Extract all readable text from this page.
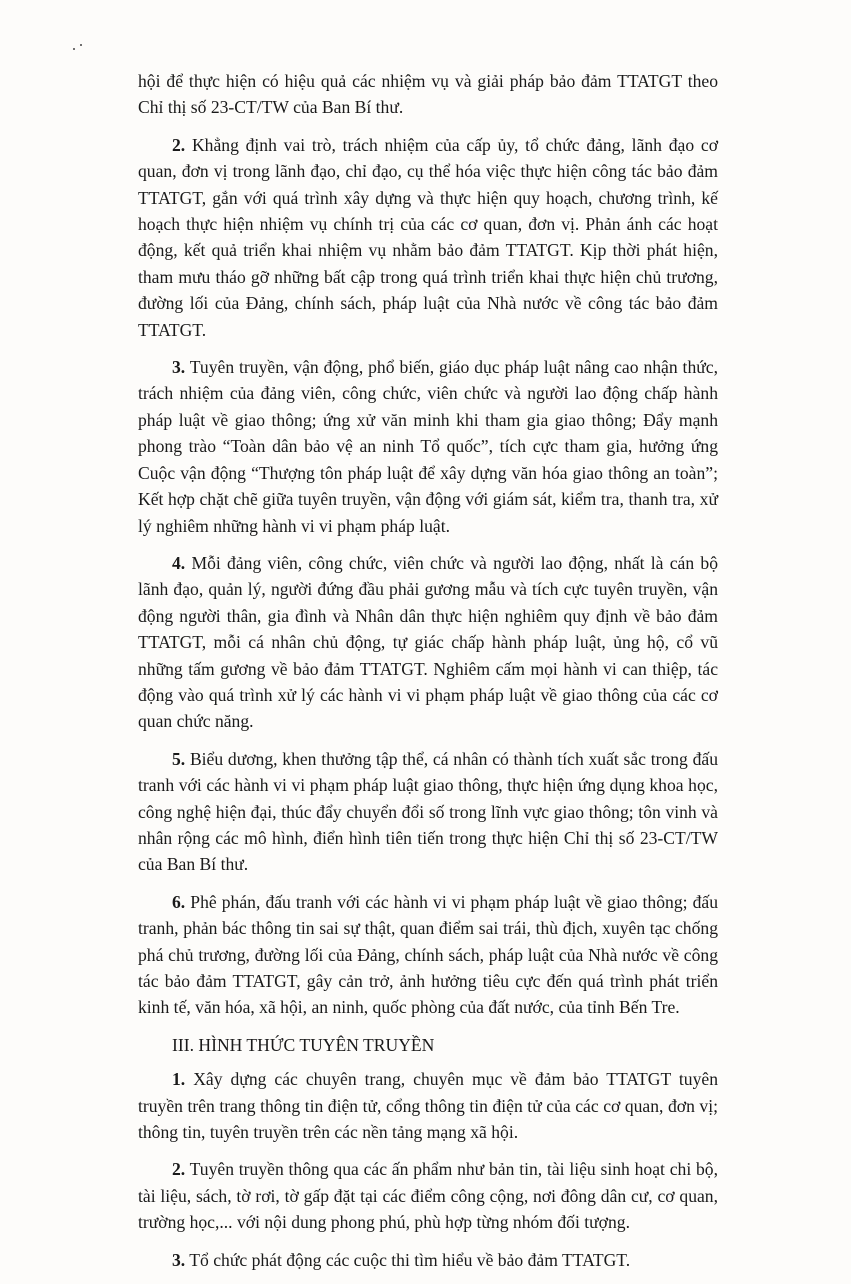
hội để thực hiện có hiệu quả các nhiệm vụ và giải pháp bảo đảm TTATGT theo Chỉ thị số 23-CT/TW của Ban Bí thư.

2. Khẳng định vai trò, trách nhiệm của cấp ủy, tổ chức đảng, lãnh đạo cơ quan, đơn vị trong lãnh đạo, chỉ đạo, cụ thể hóa việc thực hiện công tác bảo đảm TTATGT, gắn với quá trình xây dựng và thực hiện quy hoạch, chương trình, kế hoạch thực hiện nhiệm vụ chính trị của các cơ quan, đơn vị. Phản ánh các hoạt động, kết quả triển khai nhiệm vụ nhằm bảo đảm TTATGT. Kịp thời phát hiện, tham mưu tháo gỡ những bất cập trong quá trình triển khai thực hiện chủ trương, đường lối của Đảng, chính sách, pháp luật của Nhà nước về công tác bảo đảm TTATGT.

3. Tuyên truyền, vận động, phổ biến, giáo dục pháp luật nâng cao nhận thức, trách nhiệm của đảng viên, công chức, viên chức và người lao động chấp hành pháp luật về giao thông; ứng xử văn minh khi tham gia giao thông; Đẩy mạnh phong trào “Toàn dân bảo vệ an ninh Tổ quốc”, tích cực tham gia, hưởng ứng Cuộc vận động “Thượng tôn pháp luật để xây dựng văn hóa giao thông an toàn”; Kết hợp chặt chẽ giữa tuyên truyền, vận động với giám sát, kiểm tra, thanh tra, xử lý nghiêm những hành vi vi phạm pháp luật.

4. Mỗi đảng viên, công chức, viên chức và người lao động, nhất là cán bộ lãnh đạo, quản lý, người đứng đầu phải gương mẫu và tích cực tuyên truyền, vận động người thân, gia đình và Nhân dân thực hiện nghiêm quy định về bảo đảm TTATGT, mỗi cá nhân chủ động, tự giác chấp hành pháp luật, ủng hộ, cổ vũ những tấm gương về bảo đảm TTATGT. Nghiêm cấm mọi hành vi can thiệp, tác động vào quá trình xử lý các hành vi vi phạm pháp luật về giao thông của các cơ quan chức năng.

5. Biểu dương, khen thưởng tập thể, cá nhân có thành tích xuất sắc trong đấu tranh với các hành vi vi phạm pháp luật giao thông, thực hiện ứng dụng khoa học, công nghệ hiện đại, thúc đẩy chuyển đổi số trong lĩnh vực giao thông; tôn vinh và nhân rộng các mô hình, điển hình tiên tiến trong thực hiện Chỉ thị số 23-CT/TW của Ban Bí thư.

6. Phê phán, đấu tranh với các hành vi vi phạm pháp luật về giao thông; đấu tranh, phản bác thông tin sai sự thật, quan điểm sai trái, thù địch, xuyên tạc chống phá chủ trương, đường lối của Đảng, chính sách, pháp luật của Nhà nước về công tác bảo đảm TTATGT, gây cản trở, ảnh hưởng tiêu cực đến quá trình phát triển kinh tế, văn hóa, xã hội, an ninh, quốc phòng của đất nước, của tỉnh Bến Tre.

III. HÌNH THỨC TUYÊN TRUYỀN

1. Xây dựng các chuyên trang, chuyên mục về đảm bảo TTATGT tuyên truyền trên trang thông tin điện tử, cổng thông tin điện tử của các cơ quan, đơn vị; thông tin, tuyên truyền trên các nền tảng mạng xã hội.

2. Tuyên truyền thông qua các ấn phẩm như bản tin, tài liệu sinh hoạt chi bộ, tài liệu, sách, tờ rơi, tờ gấp đặt tại các điểm công cộng, nơi đông dân cư, cơ quan, trường học,... với nội dung phong phú, phù hợp từng nhóm đối tượng.

3. Tổ chức phát động các cuộc thi tìm hiểu về bảo đảm TTATGT.
